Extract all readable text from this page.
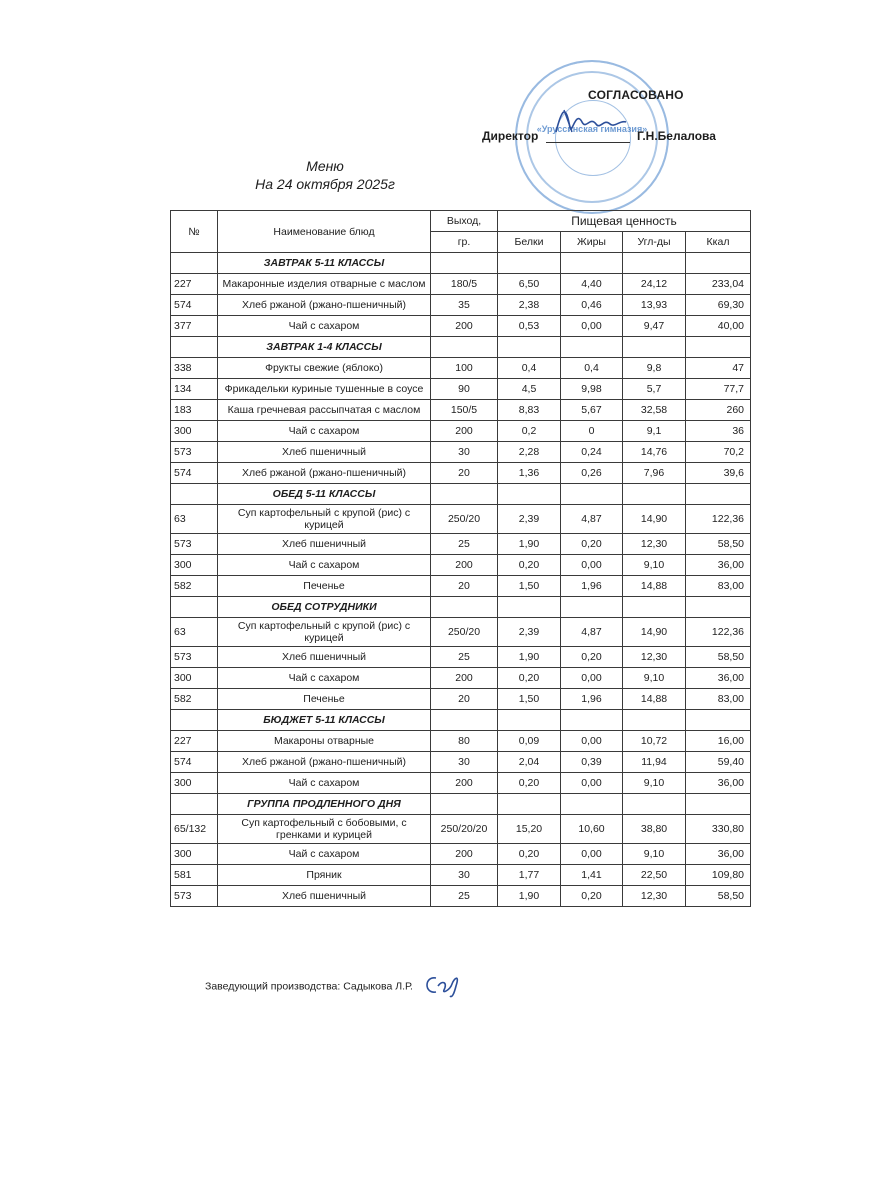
«Уруссинская гимназия»
СОГЛАСОВАНО
Директор	Г.Н.Белалова
Меню
На 24 октября 2025г
№	Наименование блюд	Выход,	Пищевая ценность			
		гр.	Белки	Жиры	Угл-ды	Ккал
	ЗАВТРАК 5-11 КЛАССЫ					
227	Макаронные изделия отварные с маслом	180/5	6,50	4,40	24,12	233,04
574	Хлеб ржаной (ржано-пшеничный)	35	2,38	0,46	13,93	69,30
377	Чай с сахаром	200	0,53	0,00	9,47	40,00
	ЗАВТРАК 1-4 КЛАССЫ					
338	Фрукты свежие (яблоко)	100	0,4	0,4	9,8	47
134	Фрикадельки куриные тушенные в соусе	90	4,5	9,98	5,7	77,7
183	Каша гречневая рассыпчатая с маслом	150/5	8,83	5,67	32,58	260
300	Чай с сахаром	200	0,2	0	9,1	36
573	Хлеб пшеничный	30	2,28	0,24	14,76	70,2
574	Хлеб ржаной (ржано-пшеничный)	20	1,36	0,26	7,96	39,6
	ОБЕД 5-11 КЛАССЫ					
63	Суп картофельный с крупой (рис) с курицей	250/20	2,39	4,87	14,90	122,36
573	Хлеб пшеничный	25	1,90	0,20	12,30	58,50
300	Чай с сахаром	200	0,20	0,00	9,10	36,00
582	Печенье	20	1,50	1,96	14,88	83,00
	ОБЕД СОТРУДНИКИ					
63	Суп картофельный с крупой (рис) с курицей	250/20	2,39	4,87	14,90	122,36
573	Хлеб пшеничный	25	1,90	0,20	12,30	58,50
300	Чай с сахаром	200	0,20	0,00	9,10	36,00
582	Печенье	20	1,50	1,96	14,88	83,00
	БЮДЖЕТ 5-11 КЛАССЫ					
227	Макароны отварные	80	0,09	0,00	10,72	16,00
574	Хлеб ржаной (ржано-пшеничный)	30	2,04	0,39	11,94	59,40
300	Чай с сахаром	200	0,20	0,00	9,10	36,00
	ГРУППА ПРОДЛЕННОГО ДНЯ					
65/132	Суп картофельный с бобовыми, с гренками и курицей	250/20/20	15,20	10,60	38,80	330,80
300	Чай с сахаром	200	0,20	0,00	9,10	36,00
581	Пряник	30	1,77	1,41	22,50	109,80
573	Хлеб пшеничный	25	1,90	0,20	12,30	58,50
Заведующий производства: Садыкова Л.Р.
